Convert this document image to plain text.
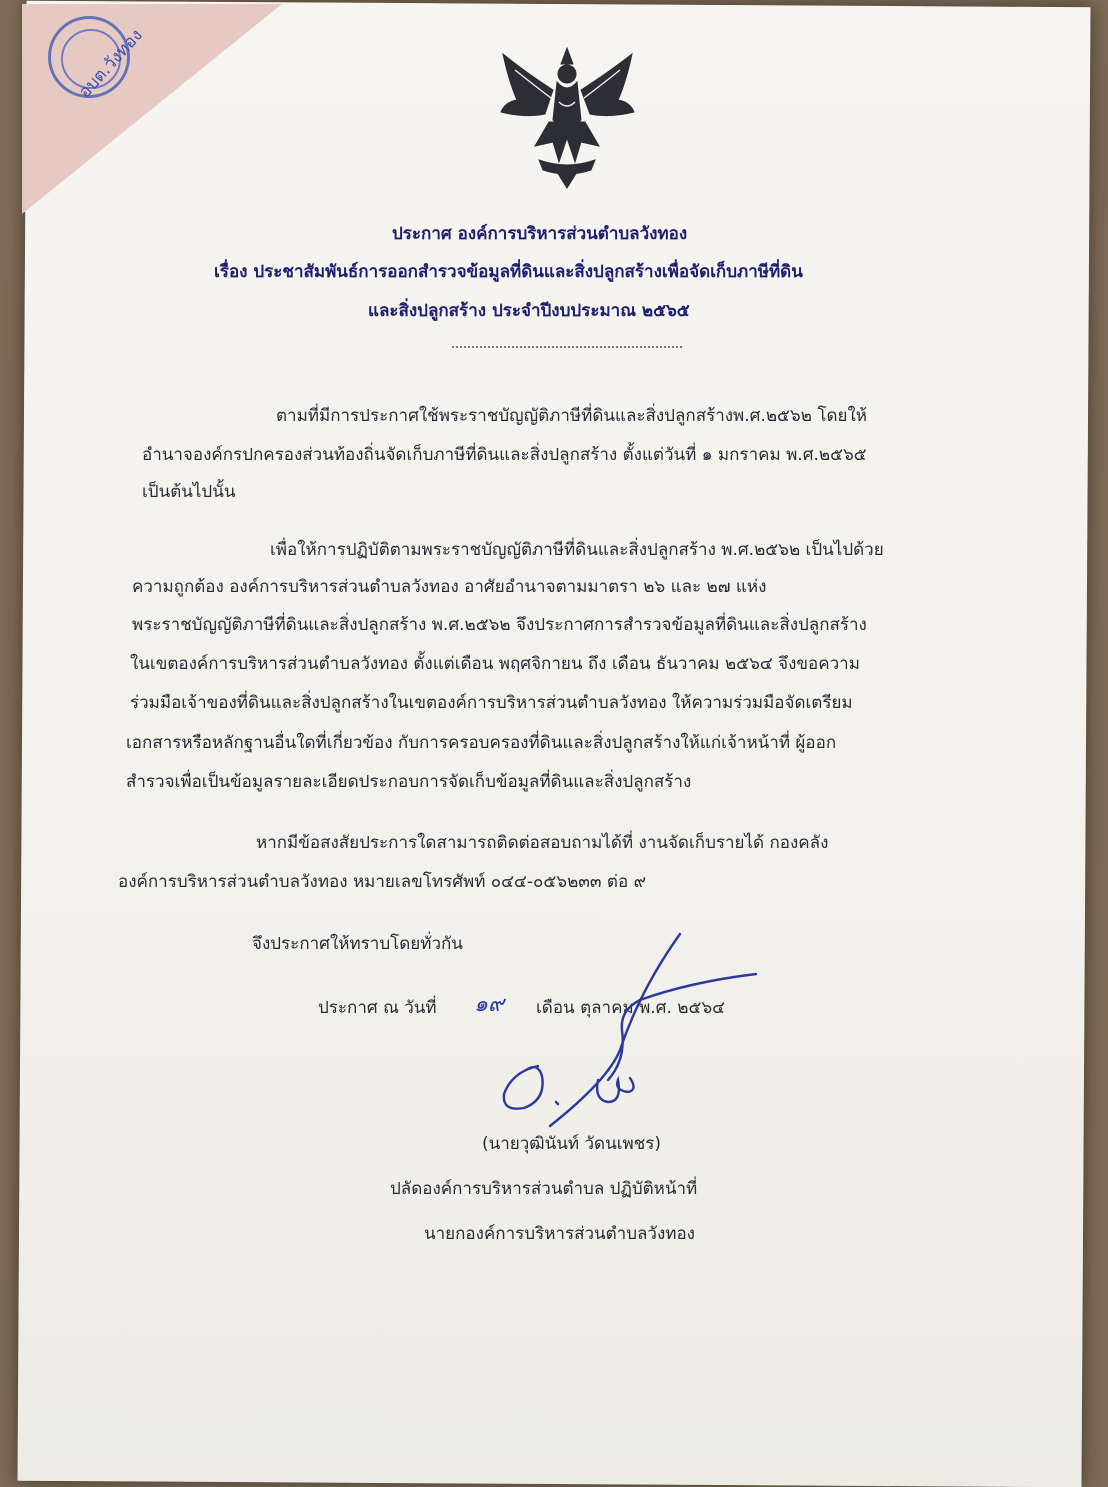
อบต.วังทอง
ประกาศ องค์การบริหารส่วนตำบลวังทอง
เรื่อง ประชาสัมพันธ์การออกสำรวจข้อมูลที่ดินและสิ่งปลูกสร้างเพื่อจัดเก็บภาษีที่ดิน
และสิ่งปลูกสร้าง ประจำปีงบประมาณ ๒๕๖๕
ตามที่มีการประกาศใช้พระราชบัญญัติภาษีที่ดินและสิ่งปลูกสร้างพ.ศ.๒๕๖๒ โดยให้
อำนาจองค์กรปกครองส่วนท้องถิ่นจัดเก็บภาษีที่ดินและสิ่งปลูกสร้าง ตั้งแต่วันที่ ๑ มกราคม พ.ศ.๒๕๖๕
เป็นต้นไปนั้น
เพื่อให้การปฏิบัติตามพระราชบัญญัติภาษีที่ดินและสิ่งปลูกสร้าง พ.ศ.๒๕๖๒ เป็นไปด้วย
ความถูกต้อง องค์การบริหารส่วนตำบลวังทอง อาศัยอำนาจตามมาตรา ๒๖ และ ๒๗ แห่ง
พระราชบัญญัติภาษีที่ดินและสิ่งปลูกสร้าง พ.ศ.๒๕๖๒ จึงประกาศการสำรวจข้อมูลที่ดินและสิ่งปลูกสร้าง
ในเขตองค์การบริหารส่วนตำบลวังทอง ตั้งแต่เดือน พฤศจิกายน ถึง เดือน ธันวาคม ๒๕๖๔ จึงขอความ
ร่วมมือเจ้าของที่ดินและสิ่งปลูกสร้างในเขตองค์การบริหารส่วนตำบลวังทอง ให้ความร่วมมือจัดเตรียม
เอกสารหรือหลักฐานอื่นใดที่เกี่ยวข้อง กับการครอบครองที่ดินและสิ่งปลูกสร้างให้แก่เจ้าหน้าที่ ผู้ออก
สำรวจเพื่อเป็นข้อมูลรายละเอียดประกอบการจัดเก็บข้อมูลที่ดินและสิ่งปลูกสร้าง
หากมีข้อสงสัยประการใดสามารถติดต่อสอบถามได้ที่ งานจัดเก็บรายได้ กองคลัง
องค์การบริหารส่วนตำบลวังทอง หมายเลขโทรศัพท์ ๐๔๔-๐๕๖๒๓๓ ต่อ ๙
จึงประกาศให้ทราบโดยทั่วกัน
ประกาศ ณ วันที่ ๑๙ เดือน ตุลาคม พ.ศ. ๒๕๖๔
(นายวุฒินันท์ วัดนเพชร)
ปลัดองค์การบริหารส่วนตำบล ปฏิบัติหน้าที่
นายกองค์การบริหารส่วนตำบลวังทอง
